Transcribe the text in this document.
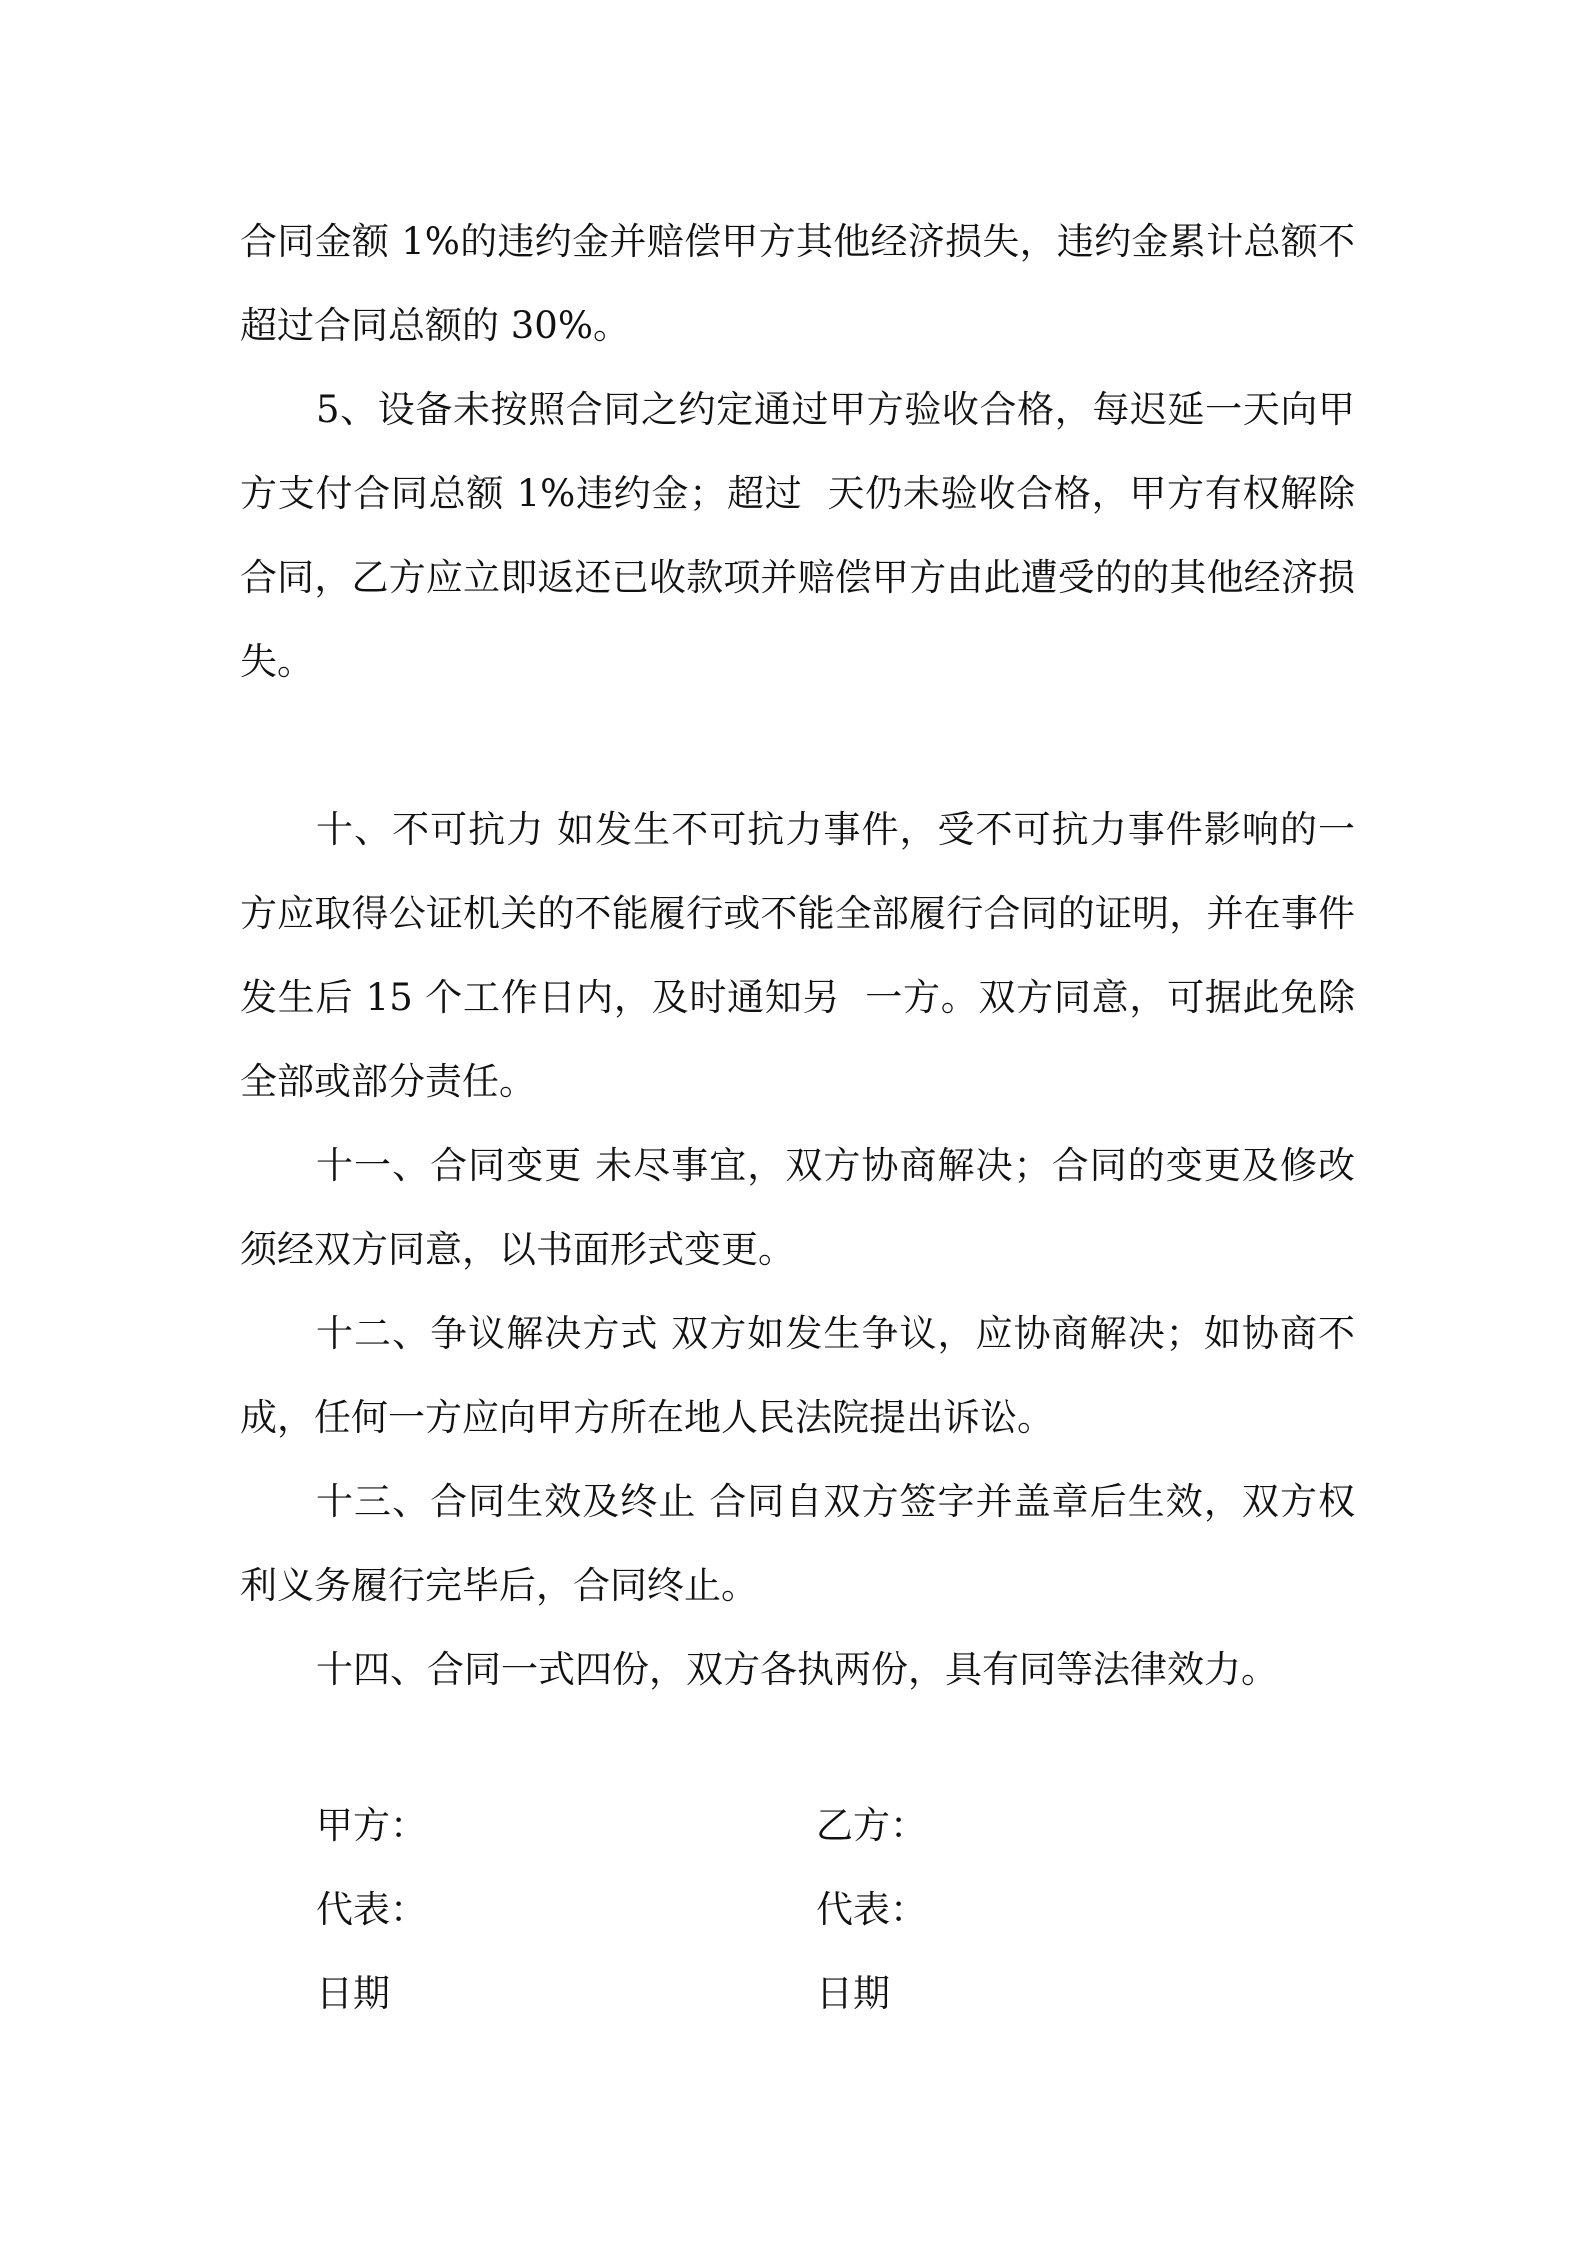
合同金额 1%的违约金并赔偿甲方其他经济损失，违约金累计总额不超过合同总额的 30%。

5、设备未按照合同之约定通过甲方验收合格，每迟延一天向甲方支付合同总额 1%违约金；超过  天仍未验收合格，甲方有权解除合同，乙方应立即返还已收款项并赔偿甲方由此遭受的的其他经济损失。

十、不可抗力 如发生不可抗力事件，受不可抗力事件影响的一方应取得公证机关的不能履行或不能全部履行合同的证明，并在事件发生后 15 个工作日内，及时通知另  一方。双方同意，可据此免除全部或部分责任。

十一、合同变更 未尽事宜，双方协商解决；合同的变更及修改须经双方同意，以书面形式变更。

十二、争议解决方式 双方如发生争议，应协商解决；如协商不成，任何一方应向甲方所在地人民法院提出诉讼。

十三、合同生效及终止 合同自双方签字并盖章后生效，双方权利义务履行完毕后，合同终止。

十四、合同一式四份，双方各执两份，具有同等法律效力。

甲方：	乙方：
代表：	代表：
日期	日期
